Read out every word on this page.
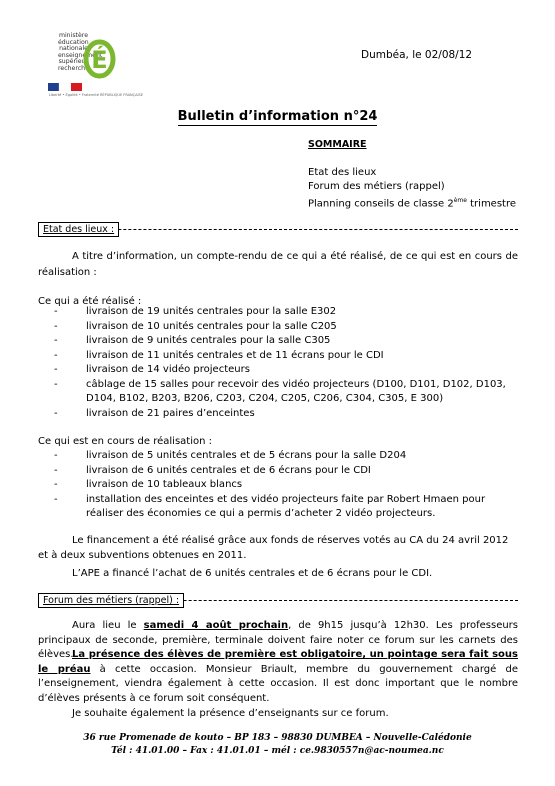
ministère
éducation
nationale
enseignement
supérieur
recherche É
Liberté • Égalité • Fraternité RÉPUBLIQUE FRANÇAISE
Dumbéa, le 02/08/12
Bulletin d’information n°24
SOMMAIRE
Etat des lieux
Forum des métiers (rappel)
Planning conseils de classe 2ème trimestre
Etat des lieux :
A titre d’information, un compte-rendu de ce qui a été réalisé, de ce qui est en cours de réalisation :
Ce qui a été réalisé :
- livraison de 19 unités centrales pour la salle E302
- livraison de 10 unités centrales pour la salle C205
- livraison de 9 unités centrales pour la salle C305
- livraison de 11 unités centrales et de 11 écrans pour le CDI
- livraison de 14 vidéo projecteurs
- câblage de 15 salles pour recevoir des vidéo projecteurs (D100, D101, D102, D103, D104, B102, B203, B206, C203, C204, C205, C206, C304, C305, E 300)
- livraison de 21 paires d’enceintes
Ce qui est en cours de réalisation :
- livraison de 5 unités centrales et de 5 écrans pour la salle D204
- livraison de 6 unités centrales et de 6 écrans pour le CDI
- livraison de 10 tableaux blancs
- installation des enceintes et des vidéo projecteurs faite par Robert Hmaen pour réaliser des économies ce qui a permis d’acheter 2 vidéo projecteurs.
Le financement a été réalisé grâce aux fonds de réserves votés au CA du 24 avril 2012 et à deux subventions obtenues en 2011.
L’APE a financé l’achat de 6 unités centrales et de 6 écrans pour le CDI.
Forum des métiers (rappel) :
Aura lieu le samedi 4 août prochain, de 9h15 jusqu’à 12h30. Les professeurs principaux de seconde, première, terminale doivent faire noter ce forum sur les carnets des élèves.
La présence des élèves de première est obligatoire, un pointage sera fait sous le préau à cette occasion. Monsieur Briault, membre du gouvernement chargé de l’enseignement, viendra également à cette occasion. Il est donc important que le nombre d’élèves présents à ce forum soit conséquent.
Je souhaite également la présence d’enseignants sur ce forum.
36 rue Promenade de kouto – BP 183 – 98830 DUMBEA – Nouvelle-Calédonie
Tél : 41.01.00 – Fax : 41.01.01 – mél : ce.9830557n@ac-noumea.nc
